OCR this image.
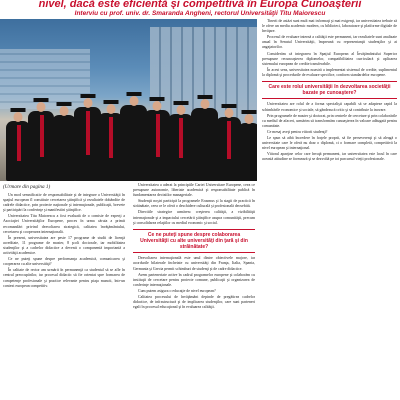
nivel, dacă este eficientă şi competitivă în Europa Cunoaşterii
Interviu cu prof. univ. dr. Smaranda Angheni, rectorul Universităţii Titu Maiorescu
(Urmare din pagina 1)

Un mod semnificativ de responsabilitate şi de integrare a Universităţii în spaţiul european îl constituie cercetarea ştiinţifică şi rezultatele dobândite de cadrele didactice, prin proiecte naţionale şi internaţionale, publicaţii, brevete şi participări la conferinţe şi manifestări ştiinţifice.

Universitatea Titu Maiorescu a fost evaluată de o comisie de experţi a Asociaţiei Universităţilor Europene, proces în urma căruia a primit recomandări privind dezvoltarea strategică, calitatea învăţământului, cercetarea şi cooperarea internaţională.

În prezent, universitatea are peste 17 programe de studii de licenţă acreditate, 11 programe de master, 8 şcoli doctorale, iar mobilitatea studenţilor şi a cadrelor didactice a devenit o componentă importantă a activităţii academice.

Ce ne puteţi spune despre performanţa academică, comunicarea şi cooperarea cu alte universităţi?

În calitate de rector am urmărit în permanenţă ca studentul să se afle în centrul preocupărilor, iar procesul didactic să fie orientat spre formarea de competenţe profesionale şi practice relevante pentru piaţa muncii, într-un context european competitiv.

Universitatea a aderat la principiile Cartei Universitare Europene, ceea ce presupune autonomie, libertate academică şi responsabilitate publică în fundamentarea deciziilor manageriale.

Studenţii noştri participă la programele Erasmus şi la stagii de practică în străinătate, ceea ce le oferă o deschidere culturală şi profesională deosebită.

Directiile strategice urmăresc creşterea calităţii, a vizibilităţii internaţionale şi a impactului cercetării ştiinţifice asupra comunităţii, precum şi consolidarea relaţiilor cu mediul economic şi social.

Ce ne puteţi spune despre colaborarea Universităţii cu alte universităţi din ţară şi din străinătate?

Dezvoltarea internaţională este unul dintre obiectivele majore, iar acordurile bilaterale încheiate cu universităţi din Franţa, Italia, Spania, Germania şi Grecia permit schimburi de studenţi şi de cadre didactice.

Avem parteneriate active în cadrul programelor europene şi colaborăm cu instituţii de cercetare pentru proiecte comune, publicaţii şi organizarea de conferinţe internaţionale.

Cum putem asigura o educaţie de nivel european?

Calitatea procesului de învăţământ depinde de pregătirea cadrelor didactice, de infrastructură şi de implicarea studenţilor, care sunt parteneri egali în procesul educaţional şi în evaluarea calităţii.

Tinerii de astăzi sunt mult mai informaţi şi mai exigenţi, iar universitatea trebuie să le ofere un mediu academic modern, cu biblioteci, laboratoare şi platforme digitale de învăţare.

Procesul de evaluare internă a calităţii este permanent, iar rezultatele sunt analizate anual în Senatul Universităţii, împreună cu reprezentanţii studenţilor şi ai angajatorilor.

Considerăm că integrarea în Spaţiul European al Învăţământului Superior presupune recunoaşterea diplomelor, compatibilitatea curriculară şi aplicarea sistemului european de credite transferabile.

În acest sens, universitatea noastră a implementat sistemul de credite, suplimentul la diplomă şi procedurile de evaluare specifice, conform standardelor europene.

Care este rolul universităţii în dezvoltarea societăţii bazate pe cunoaştere?

Universitatea are rolul de a forma specialişti capabili să se adapteze rapid la schimbările economice şi sociale, să gândească critic şi să contribuie la inovare.

Prin programele de master şi doctorat, prin centrele de cercetare şi prin colaborările cu mediul de afaceri, urmărim să transformăm cunoaşterea în valoare adăugată pentru comunitate.

Ce mesaj aveţi pentru viitorii studenţi?

Le spun să aibă încredere în forţele proprii, să fie perseverenţi şi să aleagă o universitate care le oferă nu doar o diplomă, ci o formare completă, competitivă la nivel european şi internaţional.

Viitorul aparţine celor care învaţă permanent, iar universitatea este locul în care această atitudine se formează şi se dezvoltă pe tot parcursul vieţii profesionale.
